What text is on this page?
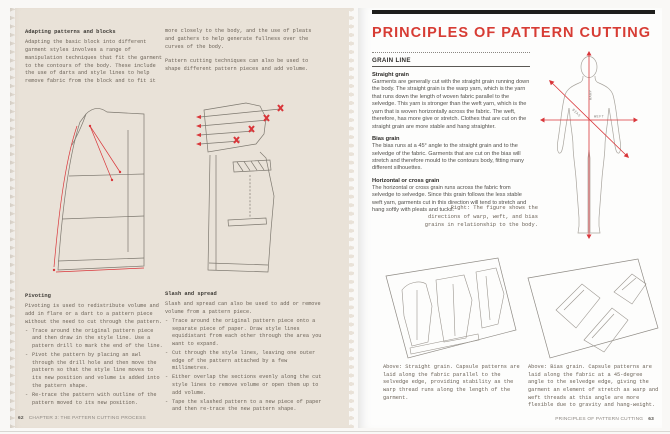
Adapting patterns and blocks
Adapting the basic block into different garment styles involves a range of manipulation techniques that fit the garment to the contours of the body. These include the use of darts and style lines to help remove fabric from the block and to fit it
more closely to the body, and the use of pleats and gathers to help generate fullness over the curves of the body.
Pattern cutting techniques can also be used to shape different pattern pieces and add volume.
Pivoting
Pivoting is used to redistribute volume and add in flare or a dart to a pattern piece without the need to cut through the pattern.
- Trace around the original pattern piece and then draw in the style line. Use a pattern drill to mark the end of the line.
- Pivot the pattern by placing an awl through the drill hole and then move the pattern so that the style line moves to its new position and volume is added into the pattern shape.
- Re-trace the pattern with outline of the pattern moved to its new position.
Slash and spread
Slash and spread can also be used to add or remove volume from a pattern piece.
- Trace around the original pattern piece onto a separate piece of paper. Draw style lines equidistant from each other through the area you want to expand.
- Cut through the style lines, leaving one outer edge of the pattern attached by a few millimetres.
- Either overlap the sections evenly along the cut style lines to remove volume or open them up to add volume.
- Tape the slashed pattern to a new piece of paper and then re-trace the new pattern shape.
62 CHAPTER 3: THE PATTERN CUTTING PROCESS
PRINCIPLES OF PATTERN CUTTING
GRAIN LINE
Straight grain
Garments are generally cut with the straight grain running down the body. The straight grain is the warp yarn, which is the yarn that runs down the length of woven fabric parallel to the selvedge. This yarn is stronger than the weft yarn, which is the yarn that is woven horizontally across the fabric. The weft, therefore, has more give or stretch. Clothes that are cut on the straight grain are more stable and hang straighter.
Bias grain
The bias runs at a 45° angle to the straight grain and to the selvedge of the fabric. Garments that are cut on the bias will stretch and therefore mould to the contours body, fitting many different silhouettes.
Horizontal or cross grain
The horizontal or cross grain runs across the fabric from selvedge to selvedge. Since this grain follows the less stable weft yarn, garments cut in this direction will tend to stretch and hang softly with pleats and tucks.
WARP
BIAS	WEFT
Right: The figure shows the directions of warp, weft, and bias grains in relationship to the body.
Above: Straight grain. Capsule patterns are laid along the fabric parallel to the selvedge edge, providing stability as the warp thread runs along the length of the garment.
Above: Bias grain. Capsule patterns are laid along the fabric at a 45-degree angle to the selvedge edge, giving the garment an element of stretch as warp and weft threads at this angle are more flexible due to gravity and hang-weight.
PRINCIPLES OF PATTERN CUTTING 63
